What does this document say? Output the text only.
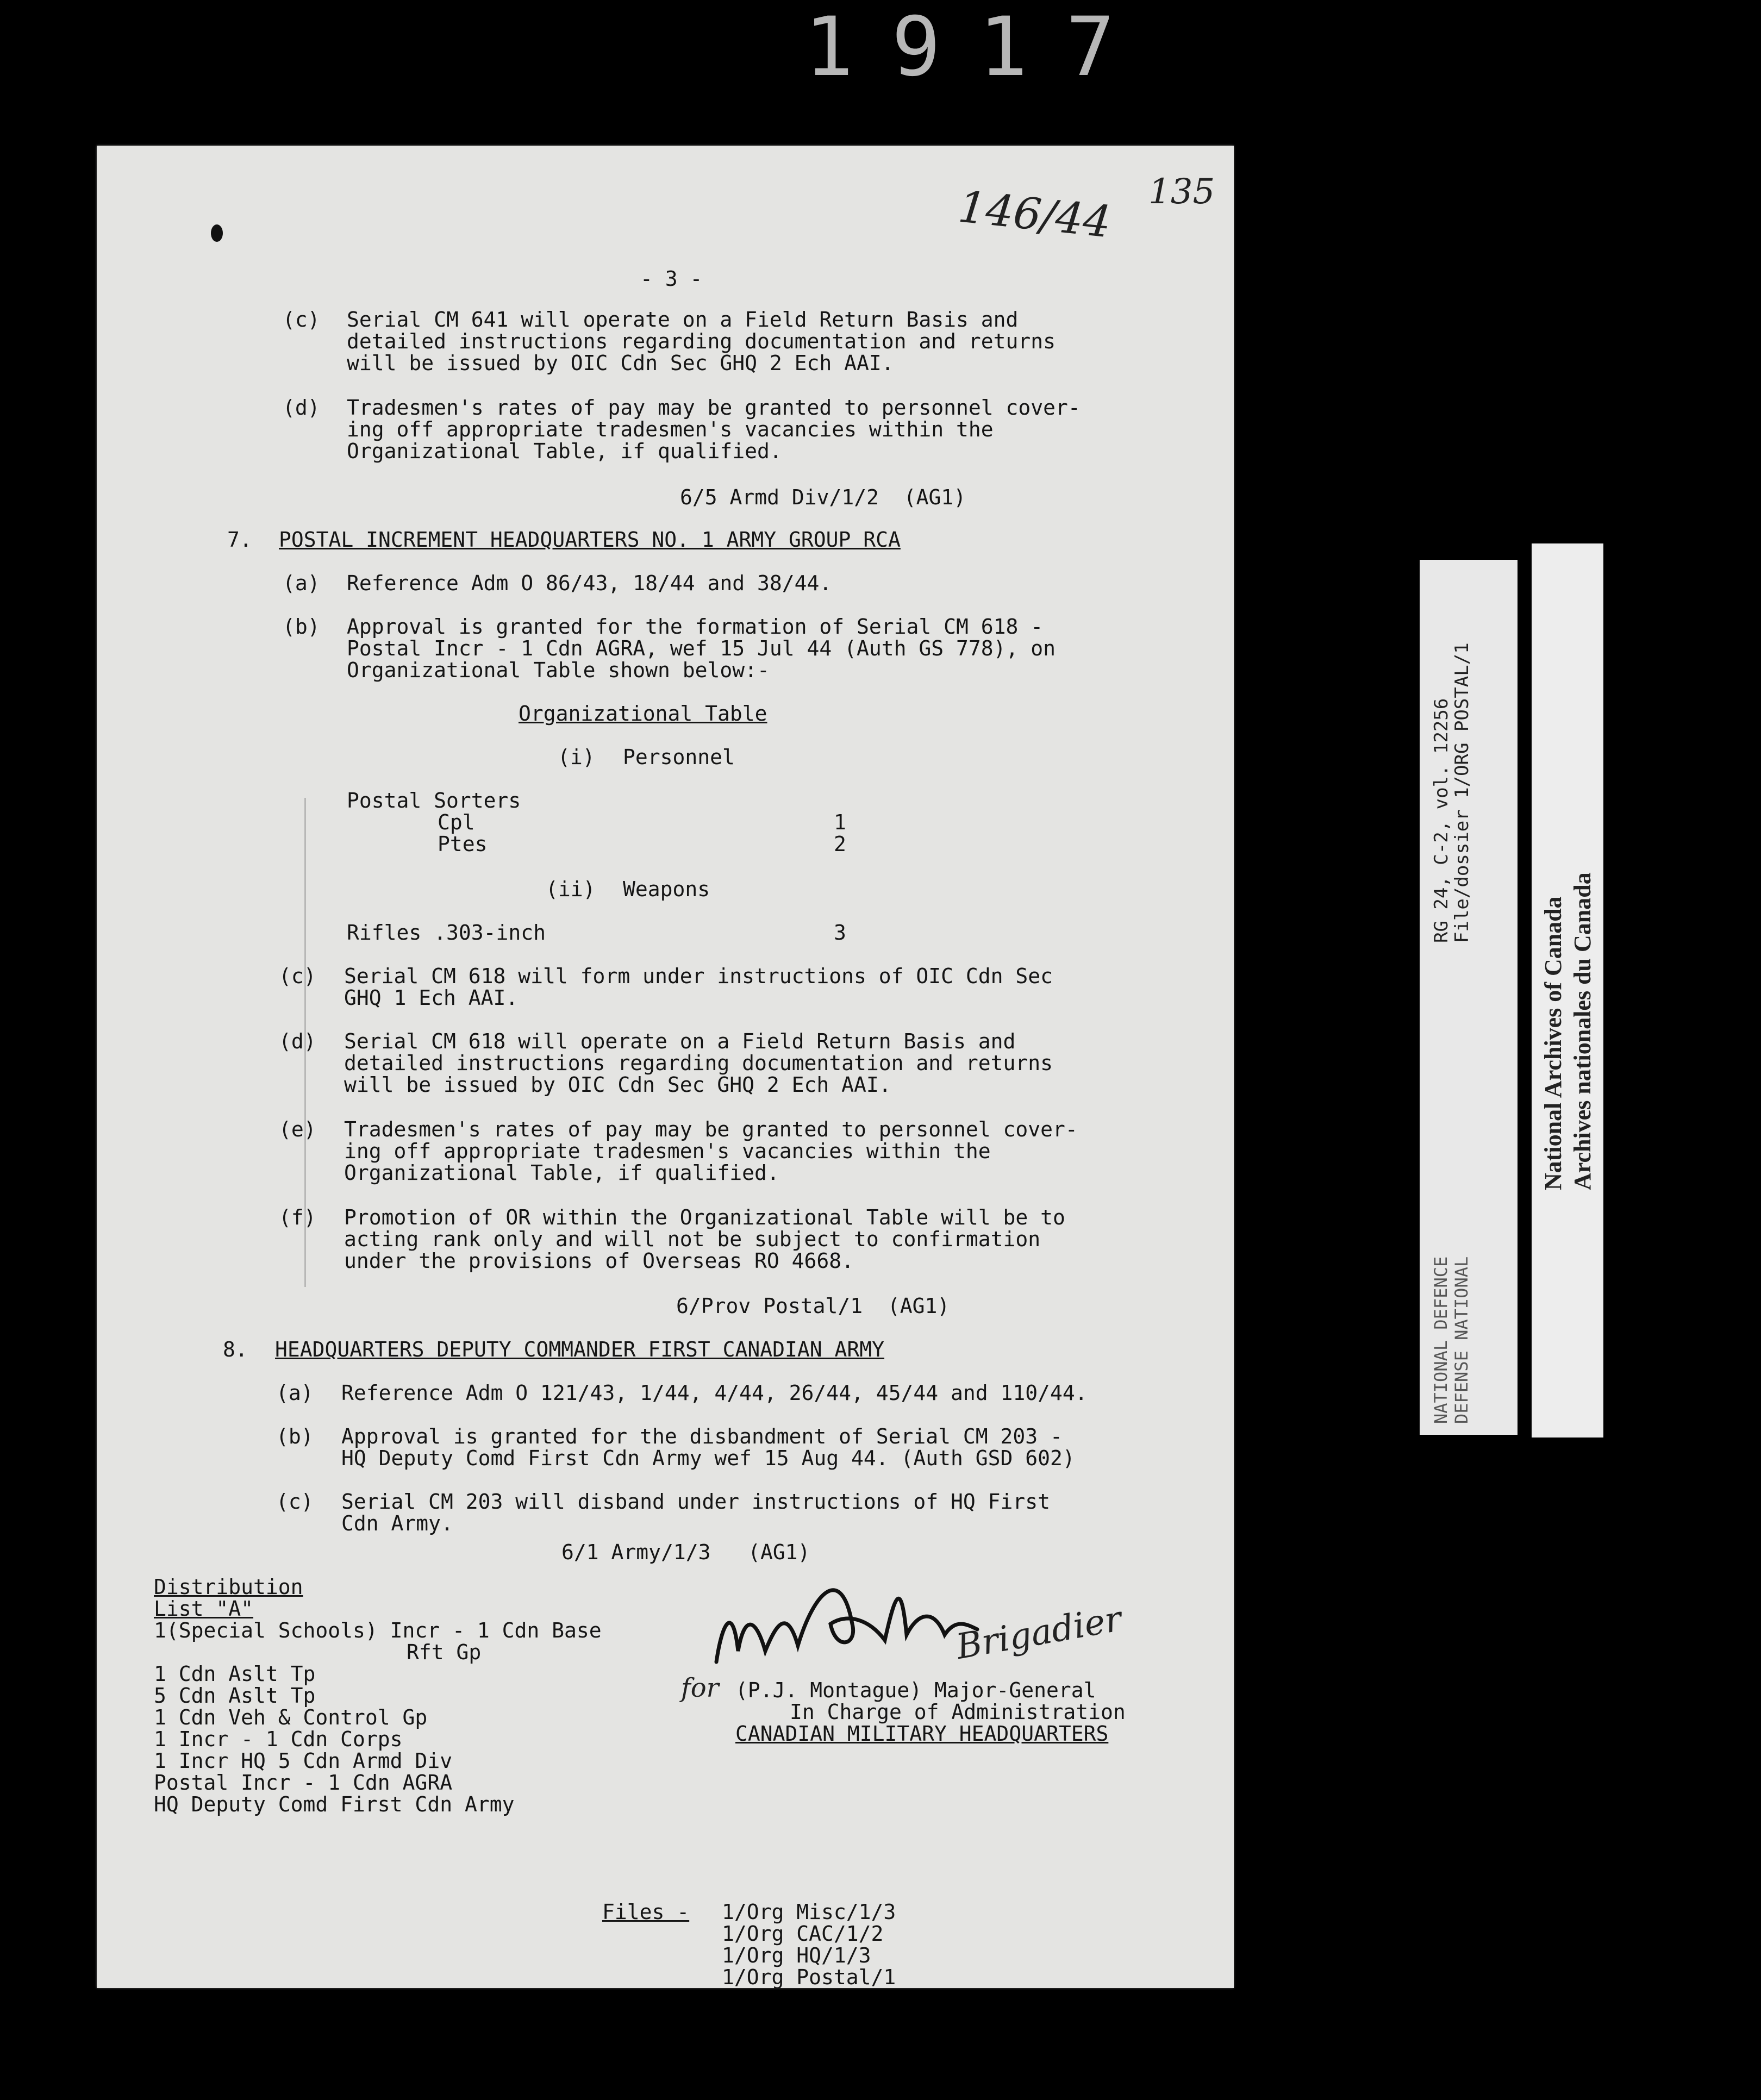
1917
146/44 135
- 3 -
(c) Serial CM 641 will operate on a Field Return Basis and
detailed instructions regarding documentation and returns
will be issued by OIC Cdn Sec GHQ 2 Ech AAI.
(d) Tradesmen's rates of pay may be granted to personnel cover-
ing off appropriate tradesmen's vacancies within the
Organizational Table, if qualified.
6/5 Armd Div/1/2  (AG1)
7. POSTAL INCREMENT HEADQUARTERS NO. 1 ARMY GROUP RCA
(a) Reference Adm O 86/43, 18/44 and 38/44.
(b) Approval is granted for the formation of Serial CM 618 -
Postal Incr - 1 Cdn AGRA, wef 15 Jul 44 (Auth GS 778), on
Organizational Table shown below:-
Organizational Table
(i) Personnel
Postal Sorters
Cpl	1
Ptes	2
(ii) Weapons
Rifles .303-inch	3
(c) Serial CM 618 will form under instructions of OIC Cdn Sec
GHQ 1 Ech AAI.
(d) Serial CM 618 will operate on a Field Return Basis and
detailed instructions regarding documentation and returns
will be issued by OIC Cdn Sec GHQ 2 Ech AAI.
(e) Tradesmen's rates of pay may be granted to personnel cover-
ing off appropriate tradesmen's vacancies within the
Organizational Table, if qualified.
(f) Promotion of OR within the Organizational Table will be to
acting rank only and will not be subject to confirmation
under the provisions of Overseas RO 4668.
6/Prov Postal/1  (AG1)
8. HEADQUARTERS DEPUTY COMMANDER FIRST CANADIAN ARMY
(a) Reference Adm O 121/43, 1/44, 4/44, 26/44, 45/44 and 110/44.
(b) Approval is granted for the disbandment of Serial CM 203 -
HQ Deputy Comd First Cdn Army wef 15 Aug 44. (Auth GSD 602)
(c) Serial CM 203 will disband under instructions of HQ First
Cdn Army.
6/1 Army/1/3   (AG1)
Distribution
List "A"
1(Special Schools) Incr - 1 Cdn Base
Rft Gp
1 Cdn Aslt Tp
5 Cdn Aslt Tp
1 Cdn Veh & Control Gp
1 Incr - 1 Cdn Corps
1 Incr HQ 5 Cdn Armd Div
Postal Incr - 1 Cdn AGRA
HQ Deputy Comd First Cdn Army
(P.J. Montague) Major-General
In Charge of Administration
CANADIAN MILITARY HEADQUARTERS
for
Brigadier
Files - 1/Org Misc/1/3
1/Org CAC/1/2
1/Org HQ/1/3
1/Org Postal/1
RG 24, C-2, vol. 12256
File/dossier 1/ORG POSTAL/1
NATIONAL DEFENCE DEFENSE NATIONAL
National Archives of Canada Archives nationales du Canada
